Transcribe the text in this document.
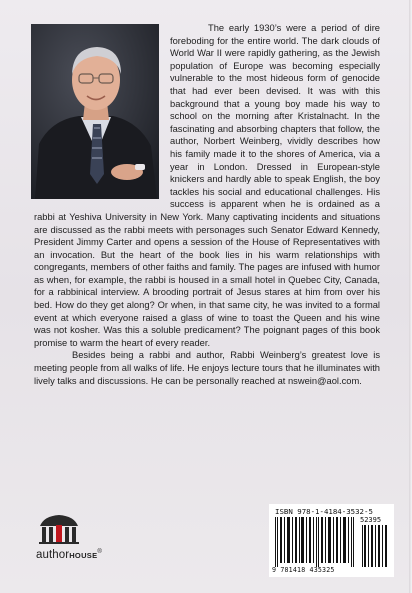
The early 1930’s were a period of dire foreboding for the entire world. The dark clouds of World War II were rapidly gathering, as the Jewish population of Europe was becoming especially vulnerable to the most hideous form of genocide that had ever been devised. It was with this background that a young boy made his way to school on the morning after Kristalnacht. In the fascinating and absorbing chapters that follow, the author, Norbert Weinberg, vividly describes how his family made it to the shores of America, via a year in London. Dressed in European-style knickers and hardly able to speak English, the boy tackles his social and educational challenges. His success is apparent when he is ordained as a rabbi at Yeshiva University in New York. Many captivating incidents and situations are discussed as the rabbi meets with personages such Senator Edward Kennedy, President Jimmy Carter and opens a session of the House of Representatives with an invocation. But the heart of the book lies in his warm relationships with congregants, members of other faiths and family. The pages are infused with humor as when, for example, the rabbi is housed in a small hotel in Quebec City, Canada, for a rabbinical interview. A brooding portrait of Jesus stares at him from over his bed. How do they get along? Or when, in that same city, he was invited to a formal event at which everyone raised a glass of wine to toast the Queen and his wine was not kosher. Was this a soluble predicament? The poignant pages of this book promise to warm the heart of every reader.

Besides being a rabbi and author, Rabbi Weinberg’s greatest love is meeting people from all walks of life. He enjoys lecture tours that he illuminates with lively talks and discussions. He can be personally reached at nswein@aol.com.

authorHOUSE®
ISBN 978-1-4184-3532-5
52395
9 781418 435325
